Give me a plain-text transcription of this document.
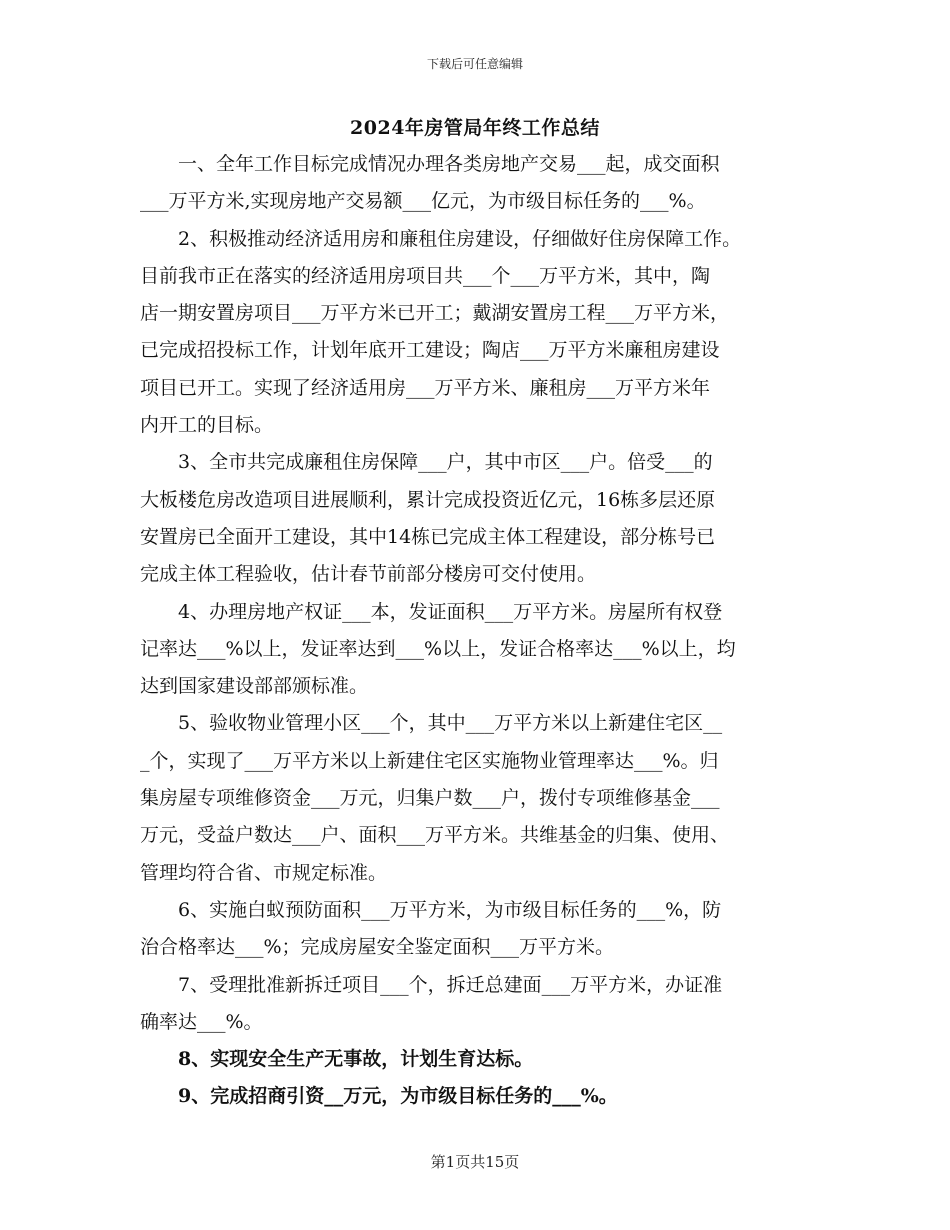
下载后可任意编辑
2024年房管局年终工作总结
一、全年工作目标完成情况办理各类房地产交易___起，成交面积
___万平方米,实现房地产交易额___亿元，为市级目标任务的___%。
2、积极推动经济适用房和廉租住房建设，仔细做好住房保障工作。
目前我市正在落实的经济适用房项目共___个___万平方米，其中，陶
店一期安置房项目___万平方米已开工；戴湖安置房工程___万平方米，
已完成招投标工作，计划年底开工建设；陶店___万平方米廉租房建设
项目已开工。实现了经济适用房___万平方米、廉租房___万平方米年
内开工的目标。
3、全市共完成廉租住房保障___户，其中市区___户。倍受___的
大板楼危房改造项目进展顺利，累计完成投资近亿元，16栋多层还原
安置房已全面开工建设，其中14栋已完成主体工程建设，部分栋号已
完成主体工程验收，估计春节前部分楼房可交付使用。
4、办理房地产权证___本，发证面积___万平方米。房屋所有权登
记率达___%以上，发证率达到___%以上，发证合格率达___%以上，均
达到国家建设部部颁标准。
5、验收物业管理小区___个，其中___万平方米以上新建住宅区__
_个，实现了___万平方米以上新建住宅区实施物业管理率达___%。归
集房屋专项维修资金___万元，归集户数___户，拨付专项维修基金___
万元，受益户数达___户、面积___万平方米。共维基金的归集、使用、
管理均符合省、市规定标准。
6、实施白蚁预防面积___万平方米，为市级目标任务的___%，防
治合格率达___%；完成房屋安全鉴定面积___万平方米。
7、受理批准新拆迁项目___个，拆迁总建面___万平方米，办证准
确率达___%。
8、实现安全生产无事故，计划生育达标。
9、完成招商引资__万元，为市级目标任务的___%。
第1页共15页
